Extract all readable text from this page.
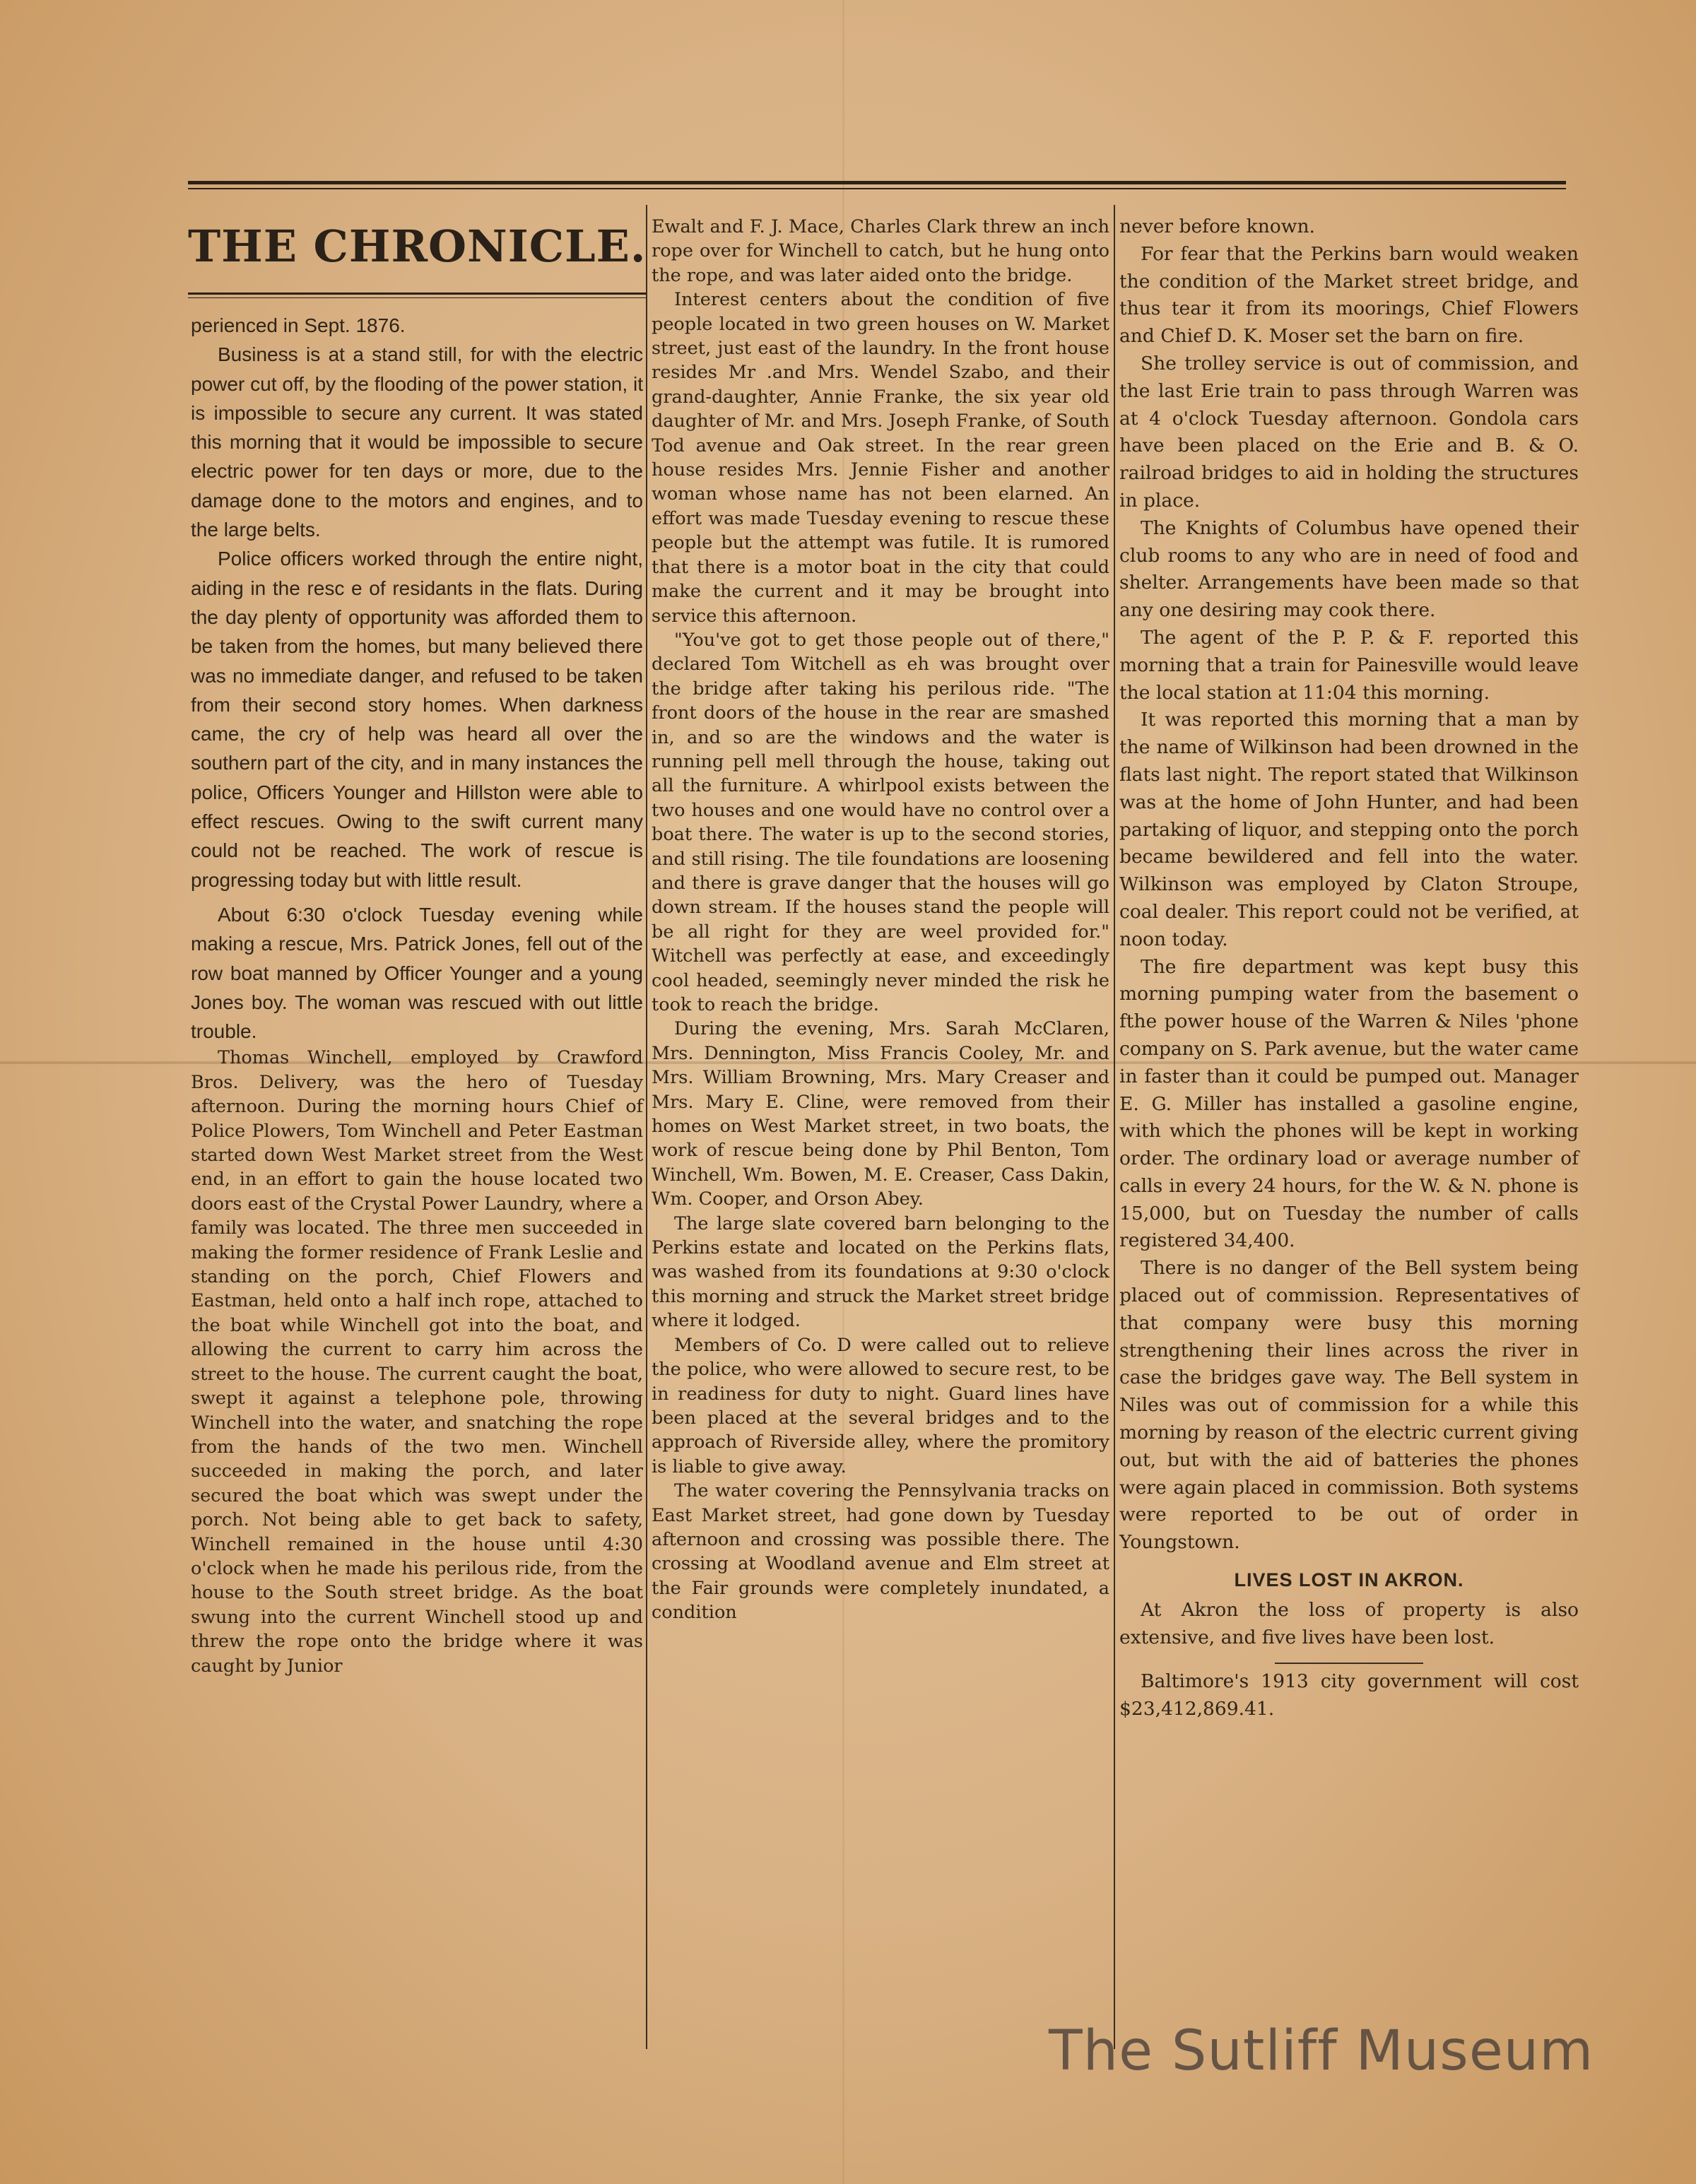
THE CHRONICLE.

perienced in Sept. 1876.

Business is at a stand still, for with the electric power cut off, by the flooding of the power station, it is impossible to secure any current. It was stated this morning that it would be impossible to secure electric power for ten days or more, due to the damage done to the motors and engines, and to the large belts.

Police officers worked through the entire night, aiding in the resc e of residants in the flats. During the day plenty of opportunity was afforded them to be taken from the homes, but many believed there was no immediate danger, and refused to be taken from their second story homes. When darkness came, the cry of help was heard all over the southern part of the city, and in many instances the police, Officers Younger and Hillston were able to effect rescues. Owing to the swift current many could not be reached. The work of rescue is progressing today but with little result.

About 6:30 o'clock Tuesday evening while making a rescue, Mrs. Patrick Jones, fell out of the row boat manned by Officer Younger and a young Jones boy. The woman was rescued with out little trouble.

Thomas Winchell, employed by Crawford Bros. Delivery, was the hero of Tuesday afternoon. During the morning hours Chief of Police Plowers, Tom Winchell and Peter Eastman started down West Market street from the West end, in an effort to gain the house located two doors east of the Crystal Power Laundry, where a family was located. The three men succeeded in making the former residence of Frank Leslie and standing on the porch, Chief Flowers and Eastman, held onto a half inch rope, attached to the boat while Winchell got into the boat, and allowing the current to carry him across the street to the house. The current caught the boat, swept it against a telephone pole, throwing Winchell into the water, and snatching the rope from the hands of the two men. Winchell succeeded in making the porch, and later secured the boat which was swept under the porch. Not being able to get back to safety, Winchell remained in the house until 4:30 o'clock when he made his perilous ride, from the house to the South street bridge. As the boat swung into the current Winchell stood up and threw the rope onto the bridge where it was caught by Junior

Ewalt and F. J. Mace, Charles Clark threw an inch rope over for Winchell to catch, but he hung onto the rope, and was later aided onto the bridge.

Interest centers about the condition of five people located in two green houses on W. Market street, just east of the laundry. In the front house resides Mr .and Mrs. Wendel Szabo, and their grand-daughter, Annie Franke, the six year old daughter of Mr. and Mrs. Joseph Franke, of South Tod avenue and Oak street. In the rear green house resides Mrs. Jennie Fisher and another woman whose name has not been elarned. An effort was made Tuesday evening to rescue these people but the attempt was futile. It is rumored that there is a motor boat in the city that could make the current and it may be brought into service this afternoon.

"You've got to get those people out of there," declared Tom Witchell as eh was brought over the bridge after taking his perilous ride. "The front doors of the house in the rear are smashed in, and so are the windows and the water is running pell mell through the house, taking out all the furniture. A whirlpool exists between the two houses and one would have no control over a boat there. The water is up to the second stories, and still rising. The tile foundations are loosening and there is grave danger that the houses will go down stream. If the houses stand the people will be all right for they are weel provided for." Witchell was perfectly at ease, and exceedingly cool headed, seemingly never minded the risk he took to reach the bridge.

During the evening, Mrs. Sarah McClaren, Mrs. Dennington, Miss Francis Cooley, Mr. and Mrs. William Browning, Mrs. Mary Creaser and Mrs. Mary E. Cline, were removed from their homes on West Market street, in two boats, the work of rescue being done by Phil Benton, Tom Winchell, Wm. Bowen, M. E. Creaser, Cass Dakin, Wm. Cooper, and Orson Abey.

The large slate covered barn belonging to the Perkins estate and located on the Perkins flats, was washed from its foundations at 9:30 o'clock this morning and struck the Market street bridge where it lodged.

Members of Co. D were called out to relieve the police, who were allowed to secure rest, to be in readiness for duty to night. Guard lines have been placed at the several bridges and to the approach of Riverside alley, where the promitory is liable to give away.

The water covering the Pennsylvania tracks on East Market street, had gone down by Tuesday afternoon and crossing was possible there. The crossing at Woodland avenue and Elm street at the Fair grounds were completely inundated, a condition

never before known.

For fear that the Perkins barn would weaken the condition of the Market street bridge, and thus tear it from its moorings, Chief Flowers and Chief D. K. Moser set the barn on fire.

She trolley service is out of commission, and the last Erie train to pass through Warren was at 4 o'clock Tuesday afternoon. Gondola cars have been placed on the Erie and B. & O. railroad bridges to aid in holding the structures in place.

The Knights of Columbus have opened their club rooms to any who are in need of food and shelter. Arrangements have been made so that any one desiring may cook there.

The agent of the P. P. & F. reported this morning that a train for Painesville would leave the local station at 11:04 this morning.

It was reported this morning that a man by the name of Wilkinson had been drowned in the flats last night. The report stated that Wilkinson was at the home of John Hunter, and had been partaking of liquor, and stepping onto the porch became bewildered and fell into the water. Wilkinson was employed by Claton Stroupe, coal dealer. This report could not be verified, at noon today.

The fire department was kept busy this morning pumping water from the basement o fthe power house of the Warren & Niles 'phone company on S. Park avenue, but the water came in faster than it could be pumped out. Manager E. G. Miller has installed a gasoline engine, with which the phones will be kept in working order. The ordinary load or average number of calls in every 24 hours, for the W. & N. phone is 15,000, but on Tuesday the number of calls registered 34,400.

There is no danger of the Bell system being placed out of commission. Representatives of that company were busy this morning strengthening their lines across the river in case the bridges gave way. The Bell system in Niles was out of commission for a while this morning by reason of the electric current giving out, but with the aid of batteries the phones were again placed in commission. Both systems were reported to be out of order in Youngstown.

LIVES LOST IN AKRON.

At Akron the loss of property is also extensive, and five lives have been lost.

Baltimore's 1913 city government will cost $23,412,869.41.

The Sutliff Museum
